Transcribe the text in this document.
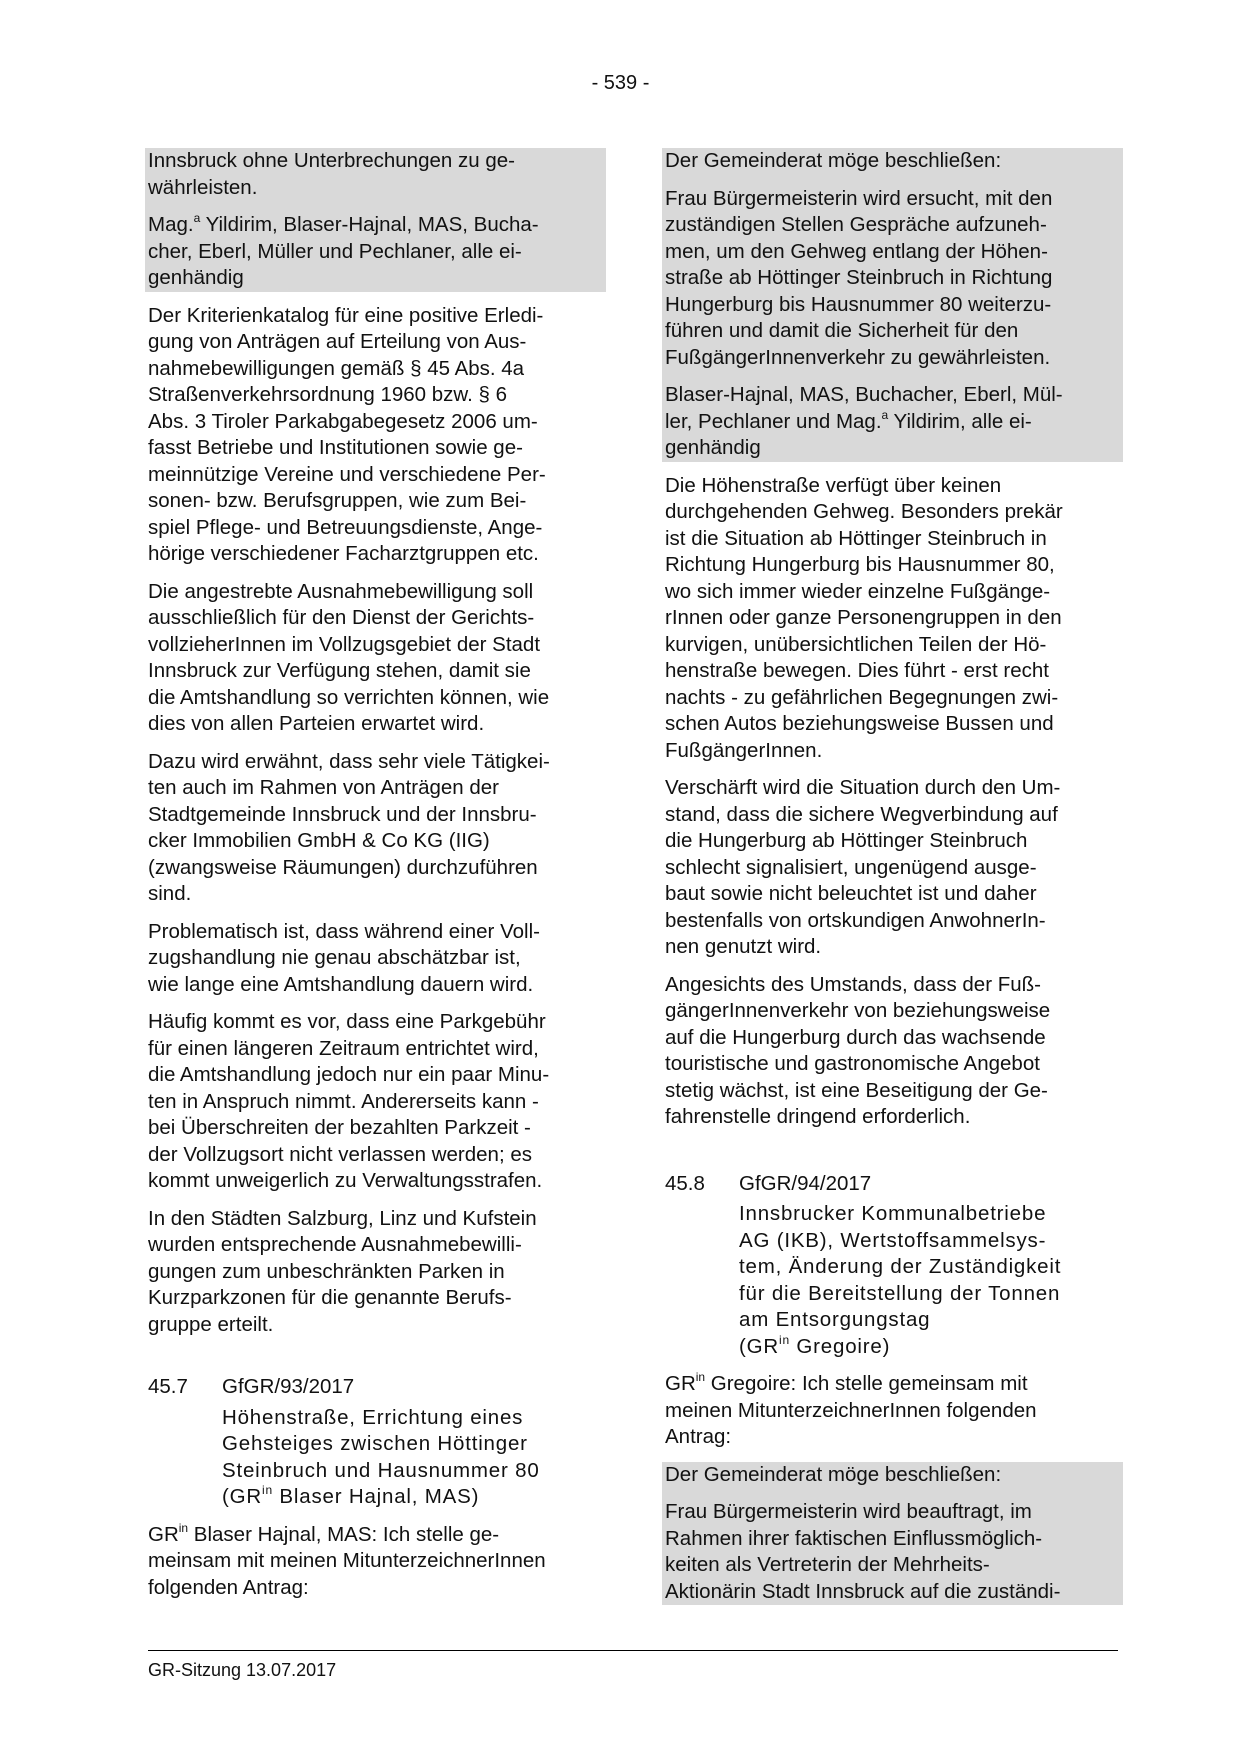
- 539 -
Innsbruck ohne Unterbrechungen zu ge-
währleisten.
Mag.$^a$ Yildirim, Blaser-Hajnal, MAS, Bucha-
cher, Eberl, Müller und Pechlaner, alle ei-
genhändig
Der Kriterienkatalog für eine positive Erledi-
gung von Anträgen auf Erteilung von Aus-
nahmebewilligungen gemäß § 45 Abs. 4a
Straßenverkehrsordnung 1960 bzw. § 6
Abs. 3 Tiroler Parkabgabegesetz 2006 um-
fasst Betriebe und Institutionen sowie ge-
meinnützige Vereine und verschiedene Per-
sonen- bzw. Berufsgruppen, wie zum Bei-
spiel Pflege- und Betreuungsdienste, Ange-
hörige verschiedener Facharztgruppen etc.
Die angestrebte Ausnahmebewilligung soll
ausschließlich für den Dienst der Gerichts-
vollzieherInnen im Vollzugsgebiet der Stadt
Innsbruck zur Verfügung stehen, damit sie
die Amtshandlung so verrichten können, wie
dies von allen Parteien erwartet wird.
Dazu wird erwähnt, dass sehr viele Tätigkei-
ten auch im Rahmen von Anträgen der
Stadtgemeinde Innsbruck und der Innsbru-
cker Immobilien GmbH & Co KG (IIG)
(zwangsweise Räumungen) durchzuführen
sind.
Problematisch ist, dass während einer Voll-
zugshandlung nie genau abschätzbar ist,
wie lange eine Amtshandlung dauern wird.
Häufig kommt es vor, dass eine Parkgebühr
für einen längeren Zeitraum entrichtet wird,
die Amtshandlung jedoch nur ein paar Minu-
ten in Anspruch nimmt. Andererseits kann -
bei Überschreiten der bezahlten Parkzeit -
der Vollzugsort nicht verlassen werden; es
kommt unweigerlich zu Verwaltungsstrafen.
In den Städten Salzburg, Linz und Kufstein
wurden entsprechende Ausnahmebewilli-
gungen zum unbeschränkten Parken in
Kurzparkzonen für die genannte Berufs-
gruppe erteilt.
45.7 GfGR/93/2017
Höhenstraße, Errichtung eines
Gehsteiges zwischen Höttinger
Steinbruch und Hausnummer 80
($GR^{in}$ Blaser Hajnal, MAS)
$GR^{in}$ Blaser Hajnal, MAS: Ich stelle ge-
meinsam mit meinen MitunterzeichnerInnen
folgenden Antrag:
Der Gemeinderat möge beschließen:
Frau Bürgermeisterin wird ersucht, mit den
zuständigen Stellen Gespräche aufzuneh-
men, um den Gehweg entlang der Höhen-
straße ab Höttinger Steinbruch in Richtung
Hungerburg bis Hausnummer 80 weiterzu-
führen und damit die Sicherheit für den
FußgängerInnenverkehr zu gewährleisten.
Blaser-Hajnal, MAS, Buchacher, Eberl, Mül-
ler, Pechlaner und Mag.$^a$ Yildirim, alle ei-
genhändig
Die Höhenstraße verfügt über keinen
durchgehenden Gehweg. Besonders prekär
ist die Situation ab Höttinger Steinbruch in
Richtung Hungerburg bis Hausnummer 80,
wo sich immer wieder einzelne Fußgänge-
rInnen oder ganze Personengruppen in den
kurvigen, unübersichtlichen Teilen der Hö-
henstraße bewegen. Dies führt - erst recht
nachts - zu gefährlichen Begegnungen zwi-
schen Autos beziehungsweise Bussen und
FußgängerInnen.
Verschärft wird die Situation durch den Um-
stand, dass die sichere Wegverbindung auf
die Hungerburg ab Höttinger Steinbruch
schlecht signalisiert, ungenügend ausge-
baut sowie nicht beleuchtet ist und daher
bestenfalls von ortskundigen AnwohnerIn-
nen genutzt wird.
Angesichts des Umstands, dass der Fuß-
gängerInnenverkehr von beziehungsweise
auf die Hungerburg durch das wachsende
touristische und gastronomische Angebot
stetig wächst, ist eine Beseitigung der Ge-
fahrenstelle dringend erforderlich.
45.8 GfGR/94/2017
Innsbrucker Kommunalbetriebe
AG (IKB), Wertstoffsammelsys-
tem, Änderung der Zuständigkeit
für die Bereitstellung der Tonnen
am Entsorgungstag
($GR^{in}$ Gregoire)
$GR^{in}$ Gregoire: Ich stelle gemeinsam mit
meinen MitunterzeichnerInnen folgenden
Antrag:
Der Gemeinderat möge beschließen:
Frau Bürgermeisterin wird beauftragt, im
Rahmen ihrer faktischen Einflussmöglich-
keiten als Vertreterin der Mehrheits-
Aktionärin Stadt Innsbruck auf die zuständi-
GR-Sitzung 13.07.2017
